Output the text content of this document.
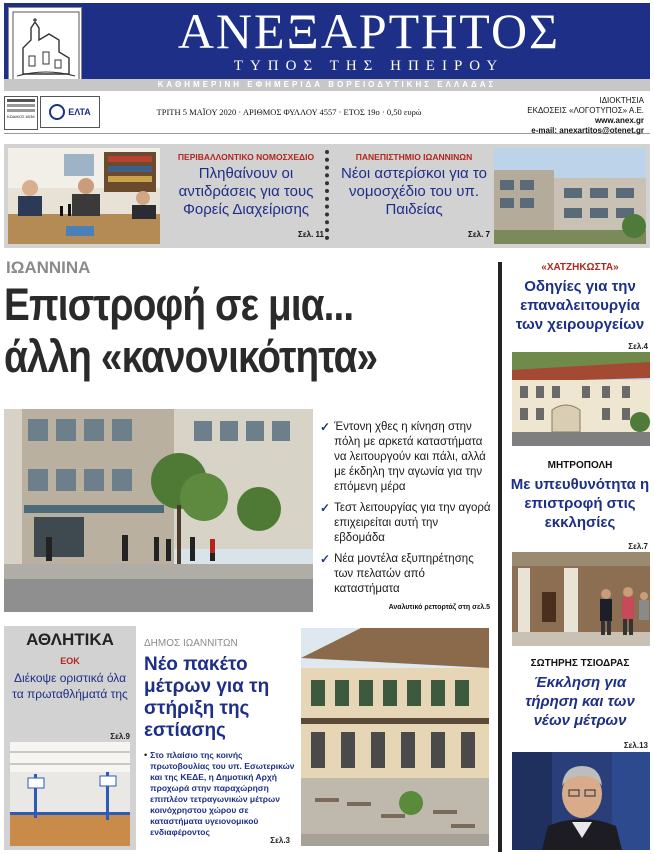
ΑΝΕΞΑΡΤΗΤΟΣ
ΤΥΠΟΣ ΤΗΣ ΗΠΕΙΡΟΥ
ΚΑΘΗΜΕΡΙΝΗ ΕΦΗΜΕΡΙΔΑ ΒΟΡΕΙΟΔΥΤΙΚΗΣ ΕΛΛΑΔΑΣ
ΚΩΔΙΚΟΣ 6036	ΕΛΤΑ	ΤΡΙΤΗ 5 ΜΑΪΟΥ 2020 · ΑΡΙΘΜΟΣ ΦΥΛΛΟΥ 4557 · ΕΤΟΣ 19ο · 0,50 ευρώ
ΙΔΙΟΚΤΗΣΙΑ
ΕΚΔΟΣΕΙΣ «ΛΟΓΟΤΥΠΟΣ» Α.Ε.
www.anex.gr
e-mail: anexartitos@otenet.gr
ΠΕΡΙΒΑΛΛΟΝΤΙΚΟ ΝΟΜΟΣΧΕΔΙΟ
Πληθαίνουν οι αντιδράσεις για τους Φορείς Διαχείρισης
Σελ. 11
ΠΑΝΕΠΙΣΤΗΜΙΟ ΙΩΑΝΝΙΝΩΝ
Νέοι αστερίσκοι για το νομοσχέδιο του υπ. Παιδείας
Σελ. 7
ΙΩΑΝΝΙΝΑ
Επιστροφή σε μια...
άλλη «κανονικότητα»
✓ Έντονη χθες η κίνηση στην πόλη με αρκετά καταστήματα να λειτουργούν και πάλι, αλλά με έκδηλη την αγωνία για την επόμενη μέρα
✓ Τεστ λειτουργίας για την αγορά επιχειρείται αυτή την εβδομάδα
✓ Νέα μοντέλα εξυπηρέτησης των πελατών από καταστήματα
Αναλυτικό ρεπορτάζ στη σελ.5
ΑΘΛΗΤΙΚΑ
ΕΟΚ
Διέκοψε οριστικά όλα τα πρωταθλήματά της
Σελ.9
ΔΗΜΟΣ ΙΩΑΝΝΙΤΩΝ
Νέο πακέτο μέτρων για τη στήριξη της εστίασης
• Στο πλαίσιο της κοινής πρωτοβουλίας του υπ. Εσωτερικών και της ΚΕΔΕ, η Δημοτική Αρχή προχωρά στην παραχώρηση επιπλέον τετραγωνικών μέτρων κοινόχρηστου χώρου σε καταστήματα υγειονομικού ενδιαφέροντος
Σελ.3
«ΧΑΤΖΗΚΩΣΤΑ»
Οδηγίες για την επαναλειτουργία των χειρουργείων
Σελ.4
ΜΗΤΡΟΠΟΛΗ
Με υπευθυνότητα η επιστροφή στις εκκλησίες
Σελ.7
ΣΩΤΗΡΗΣ ΤΣΙΟΔΡΑΣ
Έκκληση για τήρηση και των νέων μέτρων
Σελ.13
